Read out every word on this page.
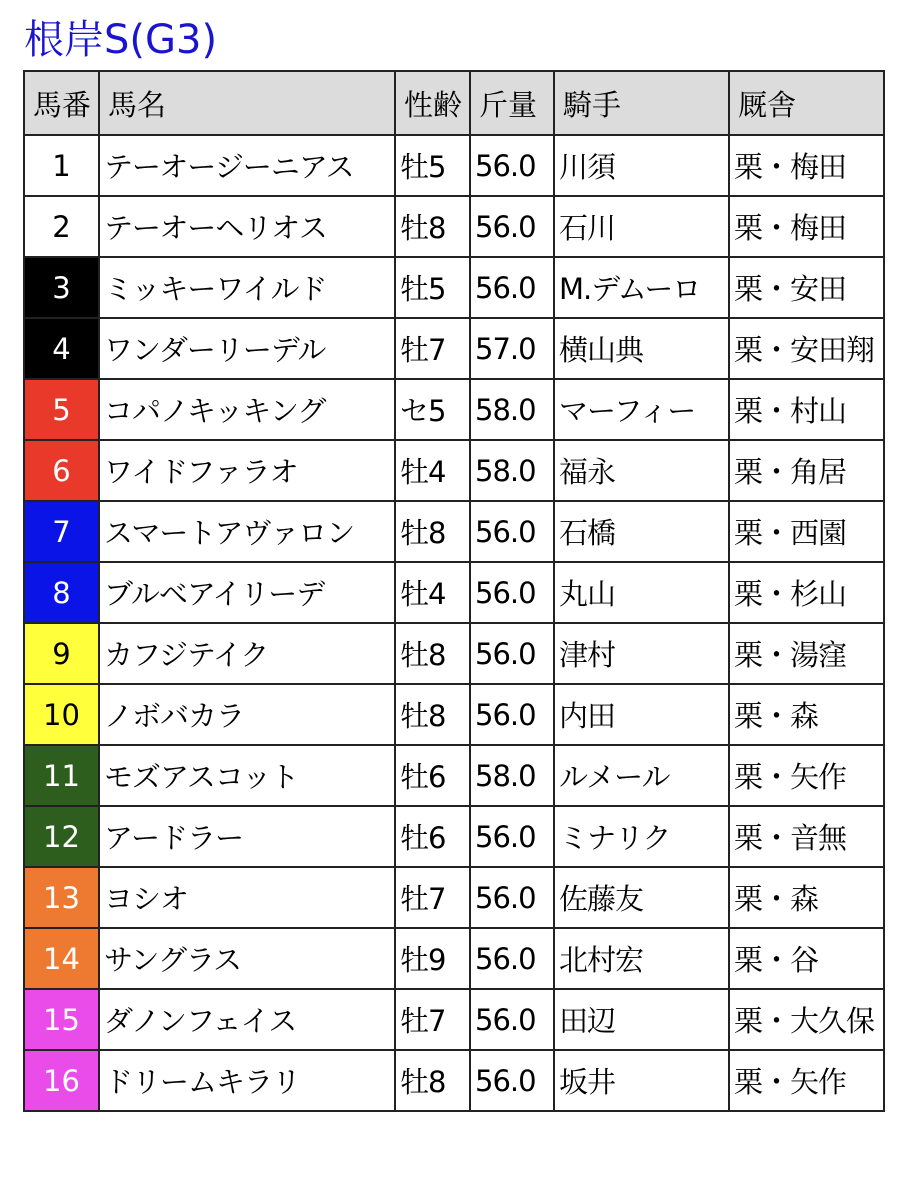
根岸S(G3)
馬番	馬名	性齢	斤量	騎手	厩舎
1	テーオージーニアス	牡5	56.0	川須	栗・梅田
2	テーオーヘリオス	牡8	56.0	石川	栗・梅田
3	ミッキーワイルド	牡5	56.0	M.デムーロ	栗・安田
4	ワンダーリーデル	牡7	57.0	横山典	栗・安田翔
5	コパノキッキング	セ5	58.0	マーフィー	栗・村山
6	ワイドファラオ	牡4	58.0	福永	栗・角居
7	スマートアヴァロン	牡8	56.0	石橋	栗・西園
8	ブルベアイリーデ	牡4	56.0	丸山	栗・杉山
9	カフジテイク	牡8	56.0	津村	栗・湯窪
10	ノボバカラ	牡8	56.0	内田	栗・森
11	モズアスコット	牡6	58.0	ルメール	栗・矢作
12	アードラー	牡6	56.0	ミナリク	栗・音無
13	ヨシオ	牡7	56.0	佐藤友	栗・森
14	サングラス	牡9	56.0	北村宏	栗・谷
15	ダノンフェイス	牡7	56.0	田辺	栗・大久保
16	ドリームキラリ	牡8	56.0	坂井	栗・矢作
